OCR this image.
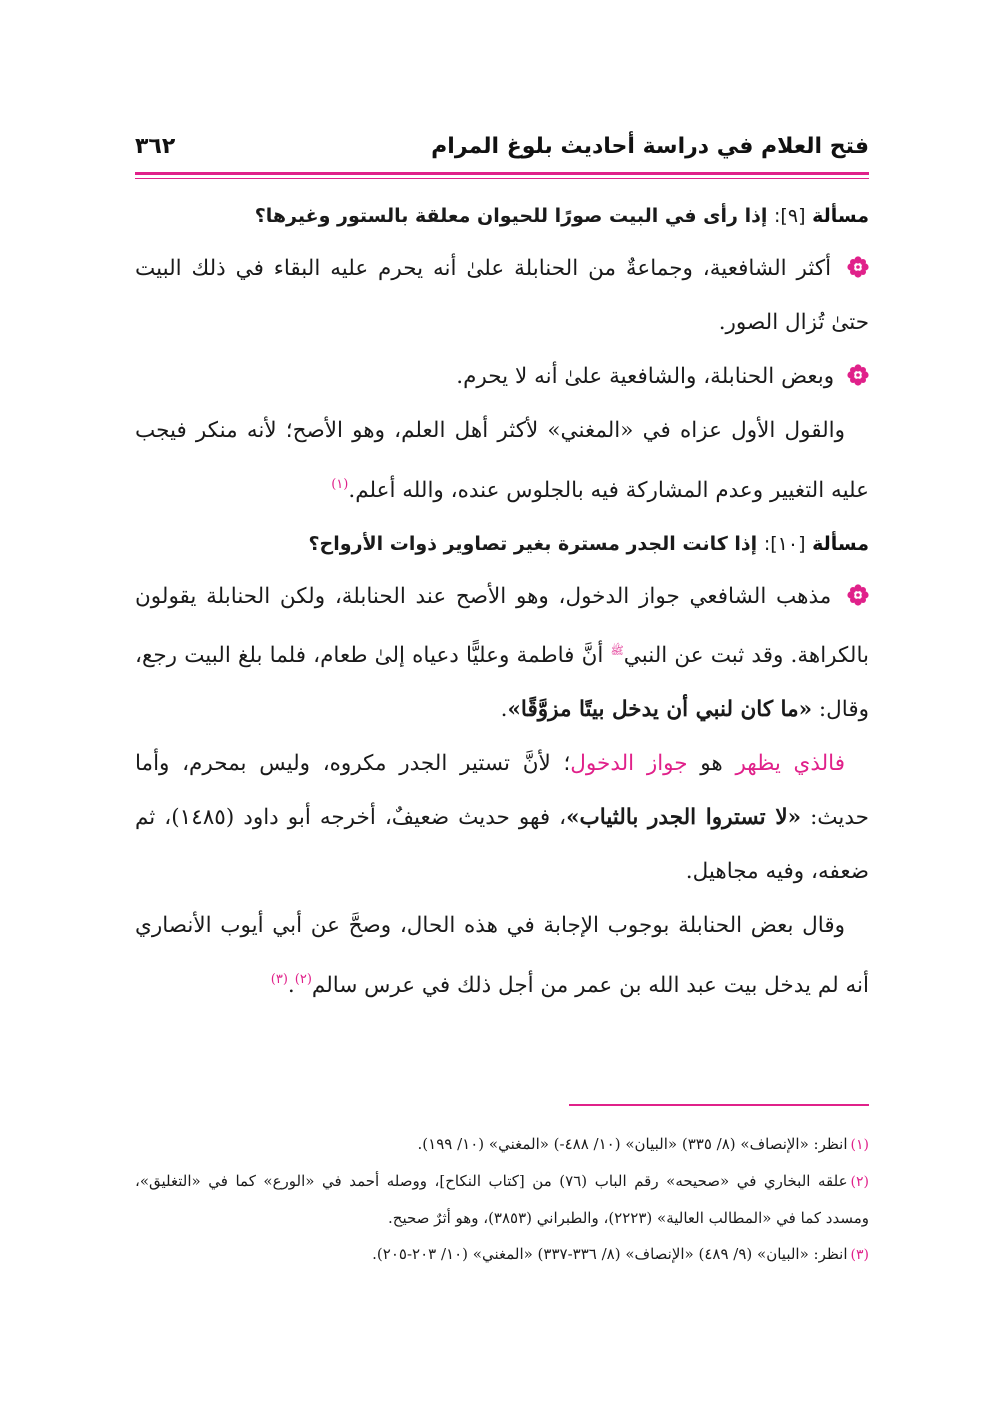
فتح العلام في دراسة أحاديث بلوغ المرام
٣٦٢

مسألة [٩]: إذا رأى في البيت صورًا للحيوان معلقة بالستور وغيرها؟

أكثر الشافعية، وجماعةٌ من الحنابلة علىٰ أنه يحرم عليه البقاء في ذلك البيت حتىٰ تُزال الصور.

وبعض الحنابلة، والشافعية علىٰ أنه لا يحرم.

والقول الأول عزاه في «المغني» لأكثر أهل العلم، وهو الأصح؛ لأنه منكر فيجب عليه التغيير وعدم المشاركة فيه بالجلوس عنده، والله أعلم.$^{(١)}$

مسألة [١٠]: إذا كانت الجدر مسترة بغير تصاوير ذوات الأرواح؟

مذهب الشافعي جواز الدخول، وهو الأصح عند الحنابلة، ولكن الحنابلة يقولون بالكراهة. وقد ثبت عن النبي$^ﷺ$ أنَّ فاطمة وعليًّا دعياه إلىٰ طعام، فلما بلغ البيت رجع، وقال: «ما كان لنبي أن يدخل بيتًا مزوَّقًا».

فالذي يظهر هو جواز الدخول؛ لأنَّ تستير الجدر مكروه، وليس بمحرم، وأما حديث: «لا تستروا الجدر بالثياب»، فهو حديث ضعيفٌ، أخرجه أبو داود (١٤٨٥)، ثم ضعفه، وفيه مجاهيل.

وقال بعض الحنابلة بوجوب الإجابة في هذه الحال، وصحَّ عن أبي أيوب الأنصاري أنه لم يدخل بيت عبد الله بن عمر من أجل ذلك في عرس سالم$^{(٢)}$.$^{(٣)}$

(١)انظر: «الإنصاف» (٨/ ٣٣٥) «البيان» (١٠/ ٤٨٨-) «المغني» (١٠/ ١٩٩).

(٢)علقه البخاري في «صحيحه» رقم الباب (٧٦) من [كتاب النكاح]، ووصله أحمد في «الورع» كما في «التغليق»، ومسدد كما في «المطالب العالية» (٢٢٢٣)، والطبراني (٣٨٥٣)، وهو أثرٌ صحيح.

(٣)انظر: «البيان» (٩/ ٤٨٩) «الإنصاف» (٨/ ٣٣٦-٣٣٧) «المغني» (١٠/ ٢٠٣-٢٠٥).
